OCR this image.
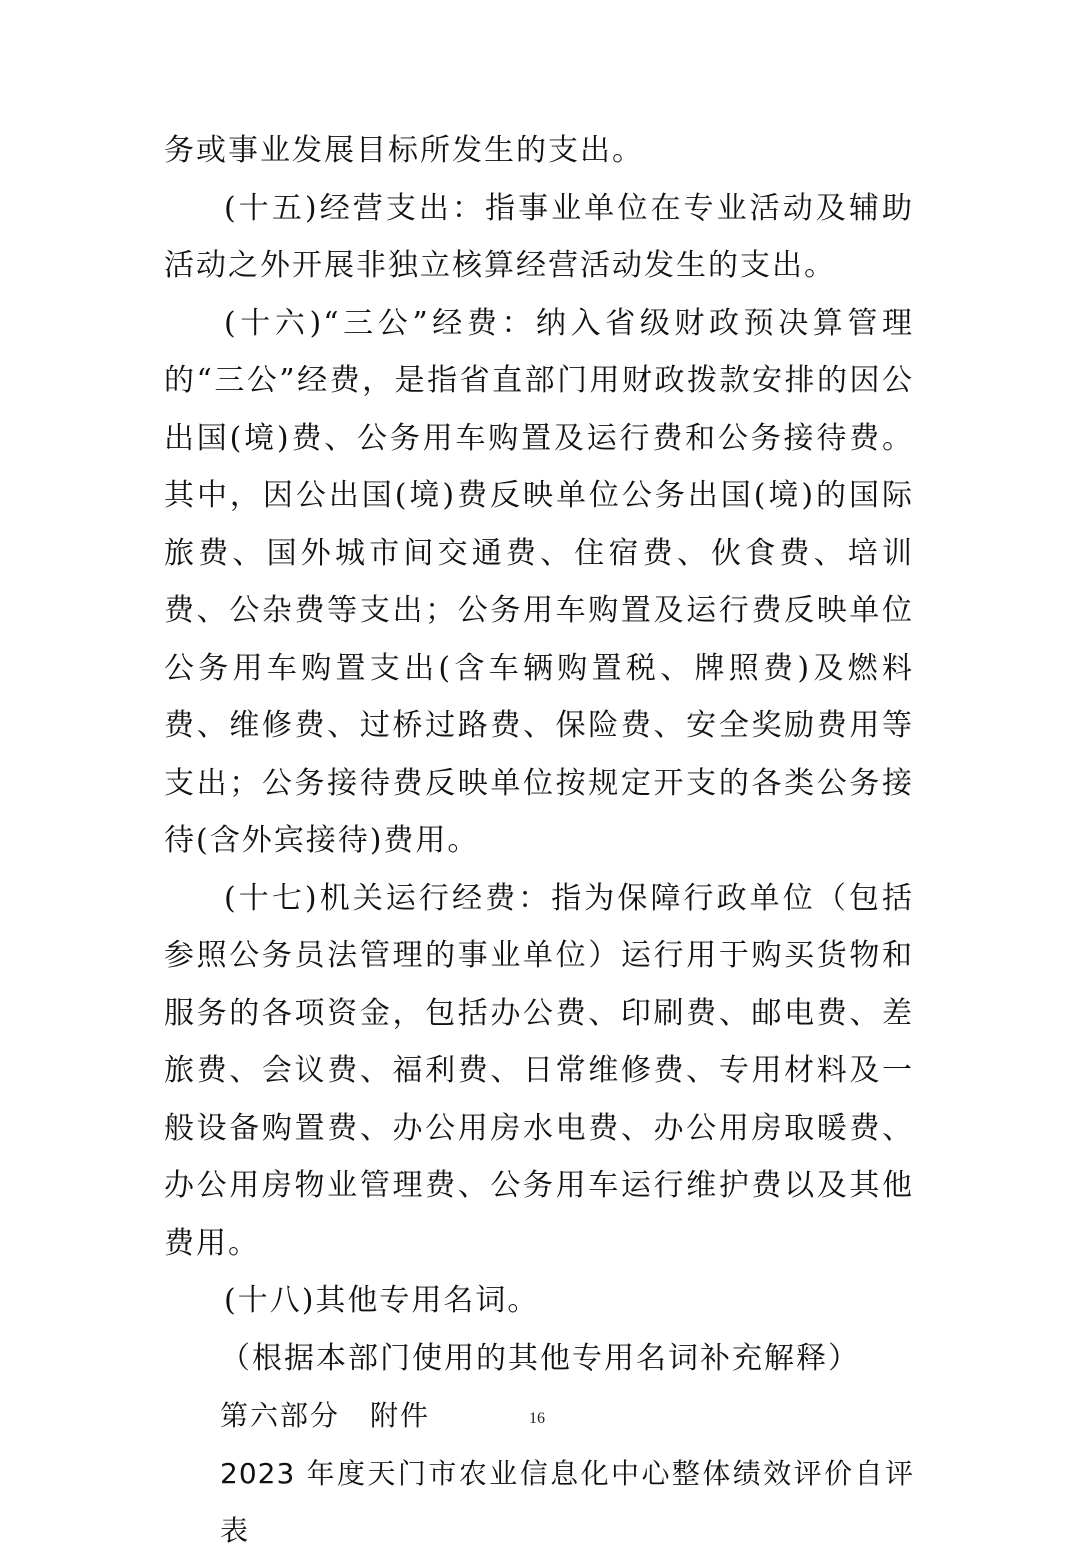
务或事业发展目标所发生的支出。

(十五)经营支出：指事业单位在专业活动及辅助活动之外开展非独立核算经营活动发生的支出。

(十六)“三公”经费：纳入省级财政预决算管理的“三公”经费，是指省直部门用财政拨款安排的因公出国(境)费、公务用车购置及运行费和公务接待费。其中，因公出国(境)费反映单位公务出国(境)的国际旅费、国外城市间交通费、住宿费、伙食费、培训费、公杂费等支出；公务用车购置及运行费反映单位公务用车购置支出(含车辆购置税、牌照费)及燃料费、维修费、过桥过路费、保险费、安全奖励费用等支出；公务接待费反映单位按规定开支的各类公务接待(含外宾接待)费用。

(十七)机关运行经费：指为保障行政单位（包括参照公务员法管理的事业单位）运行用于购买货物和服务的各项资金，包括办公费、印刷费、邮电费、差旅费、会议费、福利费、日常维修费、专用材料及一般设备购置费、办公用房水电费、办公用房取暖费、办公用房物业管理费、公务用车运行维护费以及其他费用。

(十八)其他专用名词。

（根据本部门使用的其他专用名词补充解释）

第六部分　附件

2023 年度天门市农业信息化中心整体绩效评价自评表

16
